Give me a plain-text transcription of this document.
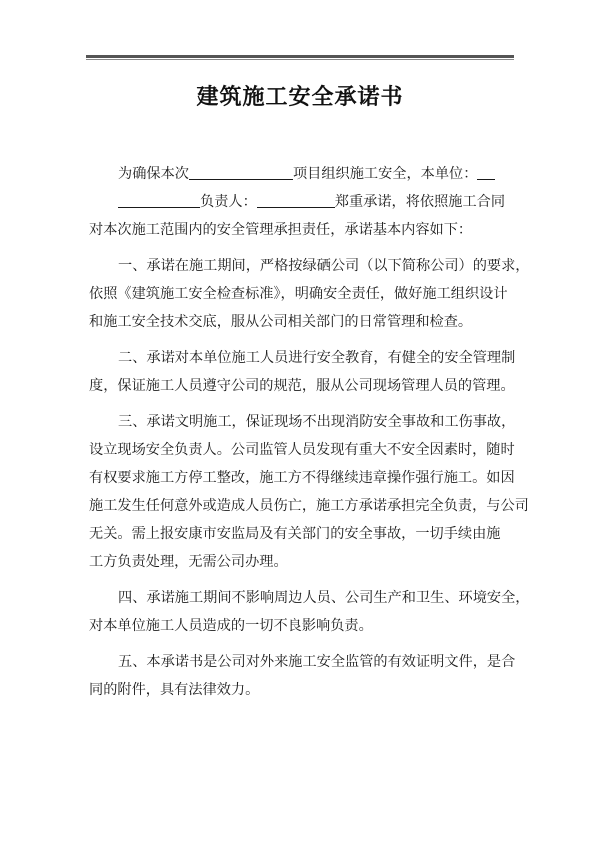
建筑施工安全承诺书
为确保本次	项目组织施工安全，本单位：
负责人：	郑重承诺，将依照施工合同
对本次施工范围内的安全管理承担责任，承诺基本内容如下：
一、承诺在施工期间，严格按绿硒公司（以下简称公司）的要求，
依照《建筑施工安全检查标准》，明确安全责任，做好施工组织设计
和施工安全技术交底，服从公司相关部门的日常管理和检查。
二、承诺对本单位施工人员进行安全教育，有健全的安全管理制
度，保证施工人员遵守公司的规范，服从公司现场管理人员的管理。
三、承诺文明施工，保证现场不出现消防安全事故和工伤事故，
设立现场安全负责人。公司监管人员发现有重大不安全因素时，随时
有权要求施工方停工整改，施工方不得继续违章操作强行施工。如因
施工发生任何意外或造成人员伤亡，施工方承诺承担完全负责，与公司
无关。需上报安康市安监局及有关部门的安全事故，一切手续由施
工方负责处理，无需公司办理。
四、承诺施工期间不影响周边人员、公司生产和卫生、环境安全，
对本单位施工人员造成的一切不良影响负责。
五、本承诺书是公司对外来施工安全监管的有效证明文件，是合
同的附件，具有法律效力。
